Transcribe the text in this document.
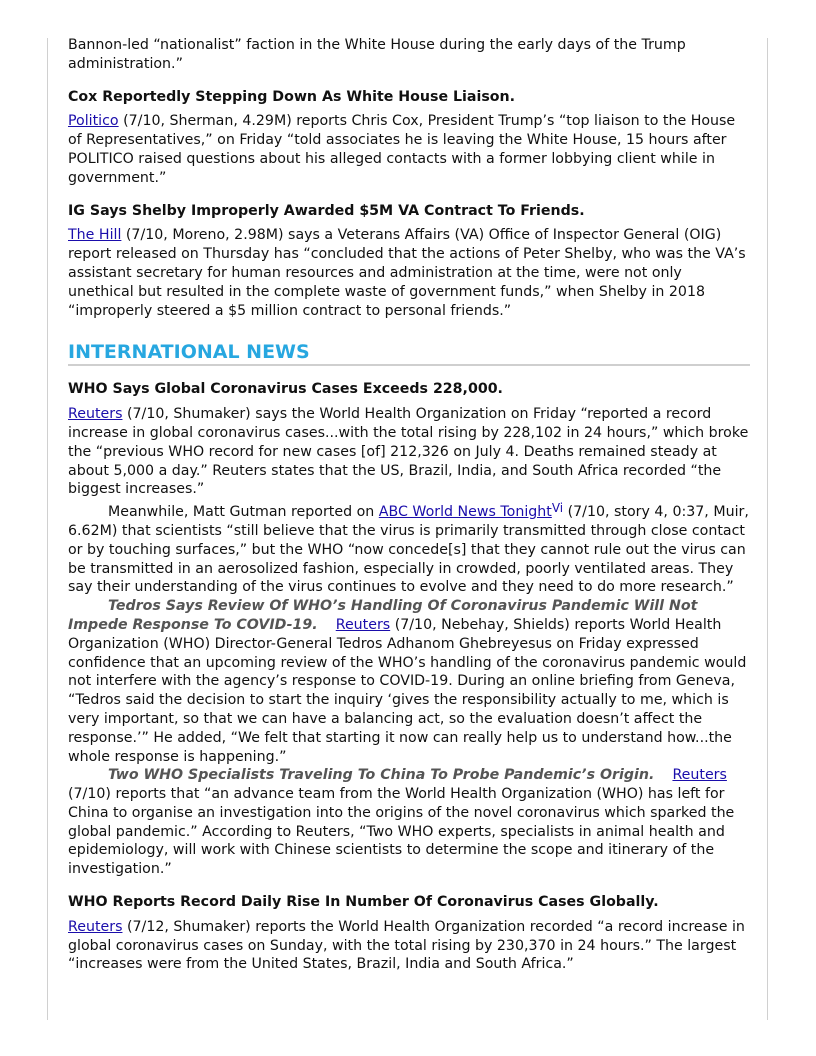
Bannon-led “nationalist” faction in the White House during the early days of the Trump administration.”

Cox Reportedly Stepping Down As White House Liaison.

Politico (7/10, Sherman, 4.29M) reports Chris Cox, President Trump’s “top liaison to the House of Representatives,” on Friday “told associates he is leaving the White House, 15 hours after POLITICO raised questions about his alleged contacts with a former lobbying client while in government.”

IG Says Shelby Improperly Awarded $5M VA Contract To Friends.

The Hill (7/10, Moreno, 2.98M) says a Veterans Affairs (VA) Office of Inspector General (OIG) report released on Thursday has “concluded that the actions of Peter Shelby, who was the VA’s assistant secretary for human resources and administration at the time, were not only unethical but resulted in the complete waste of government funds,” when Shelby in 2018 “improperly steered a $5 million contract to personal friends.”

INTERNATIONAL NEWS

WHO Says Global Coronavirus Cases Exceeds 228,000.

Reuters (7/10, Shumaker) says the World Health Organization on Friday “reported a record increase in global coronavirus cases...with the total rising by 228,102 in 24 hours,” which broke the “previous WHO record for new cases [of] 212,326 on July 4. Deaths remained steady at about 5,000 a day.” Reuters states that the US, Brazil, India, and South Africa recorded “the biggest increases.”

Meanwhile, Matt Gutman reported on ABC World News Tonight$^{Vi}$ (7/10, story 4, 0:37, Muir, 6.62M) that scientists “still believe that the virus is primarily transmitted through close contact or by touching surfaces,” but the WHO “now concede[s] that they cannot rule out the virus can be transmitted in an aerosolized fashion, especially in crowded, poorly ventilated areas. They say their understanding of the virus continues to evolve and they need to do more research.”

Tedros Says Review Of WHO’s Handling Of Coronavirus Pandemic Will Not Impede Response To COVID-19. Reuters (7/10, Nebehay, Shields) reports World Health Organization (WHO) Director-General Tedros Adhanom Ghebreyesus on Friday expressed confidence that an upcoming review of the WHO’s handling of the coronavirus pandemic would not interfere with the agency’s response to COVID-19. During an online briefing from Geneva, “Tedros said the decision to start the inquiry ‘gives the responsibility actually to me, which is very important, so that we can have a balancing act, so the evaluation doesn’t affect the response.’” He added, “We felt that starting it now can really help us to understand how...the whole response is happening.”

Two WHO Specialists Traveling To China To Probe Pandemic’s Origin. Reuters (7/10) reports that “an advance team from the World Health Organization (WHO) has left for China to organise an investigation into the origins of the novel coronavirus which sparked the global pandemic.” According to Reuters, “Two WHO experts, specialists in animal health and epidemiology, will work with Chinese scientists to determine the scope and itinerary of the investigation.”

WHO Reports Record Daily Rise In Number Of Coronavirus Cases Globally.

Reuters (7/12, Shumaker) reports the World Health Organization recorded “a record increase in global coronavirus cases on Sunday, with the total rising by 230,370 in 24 hours.” The largest “increases were from the United States, Brazil, India and South Africa.”
